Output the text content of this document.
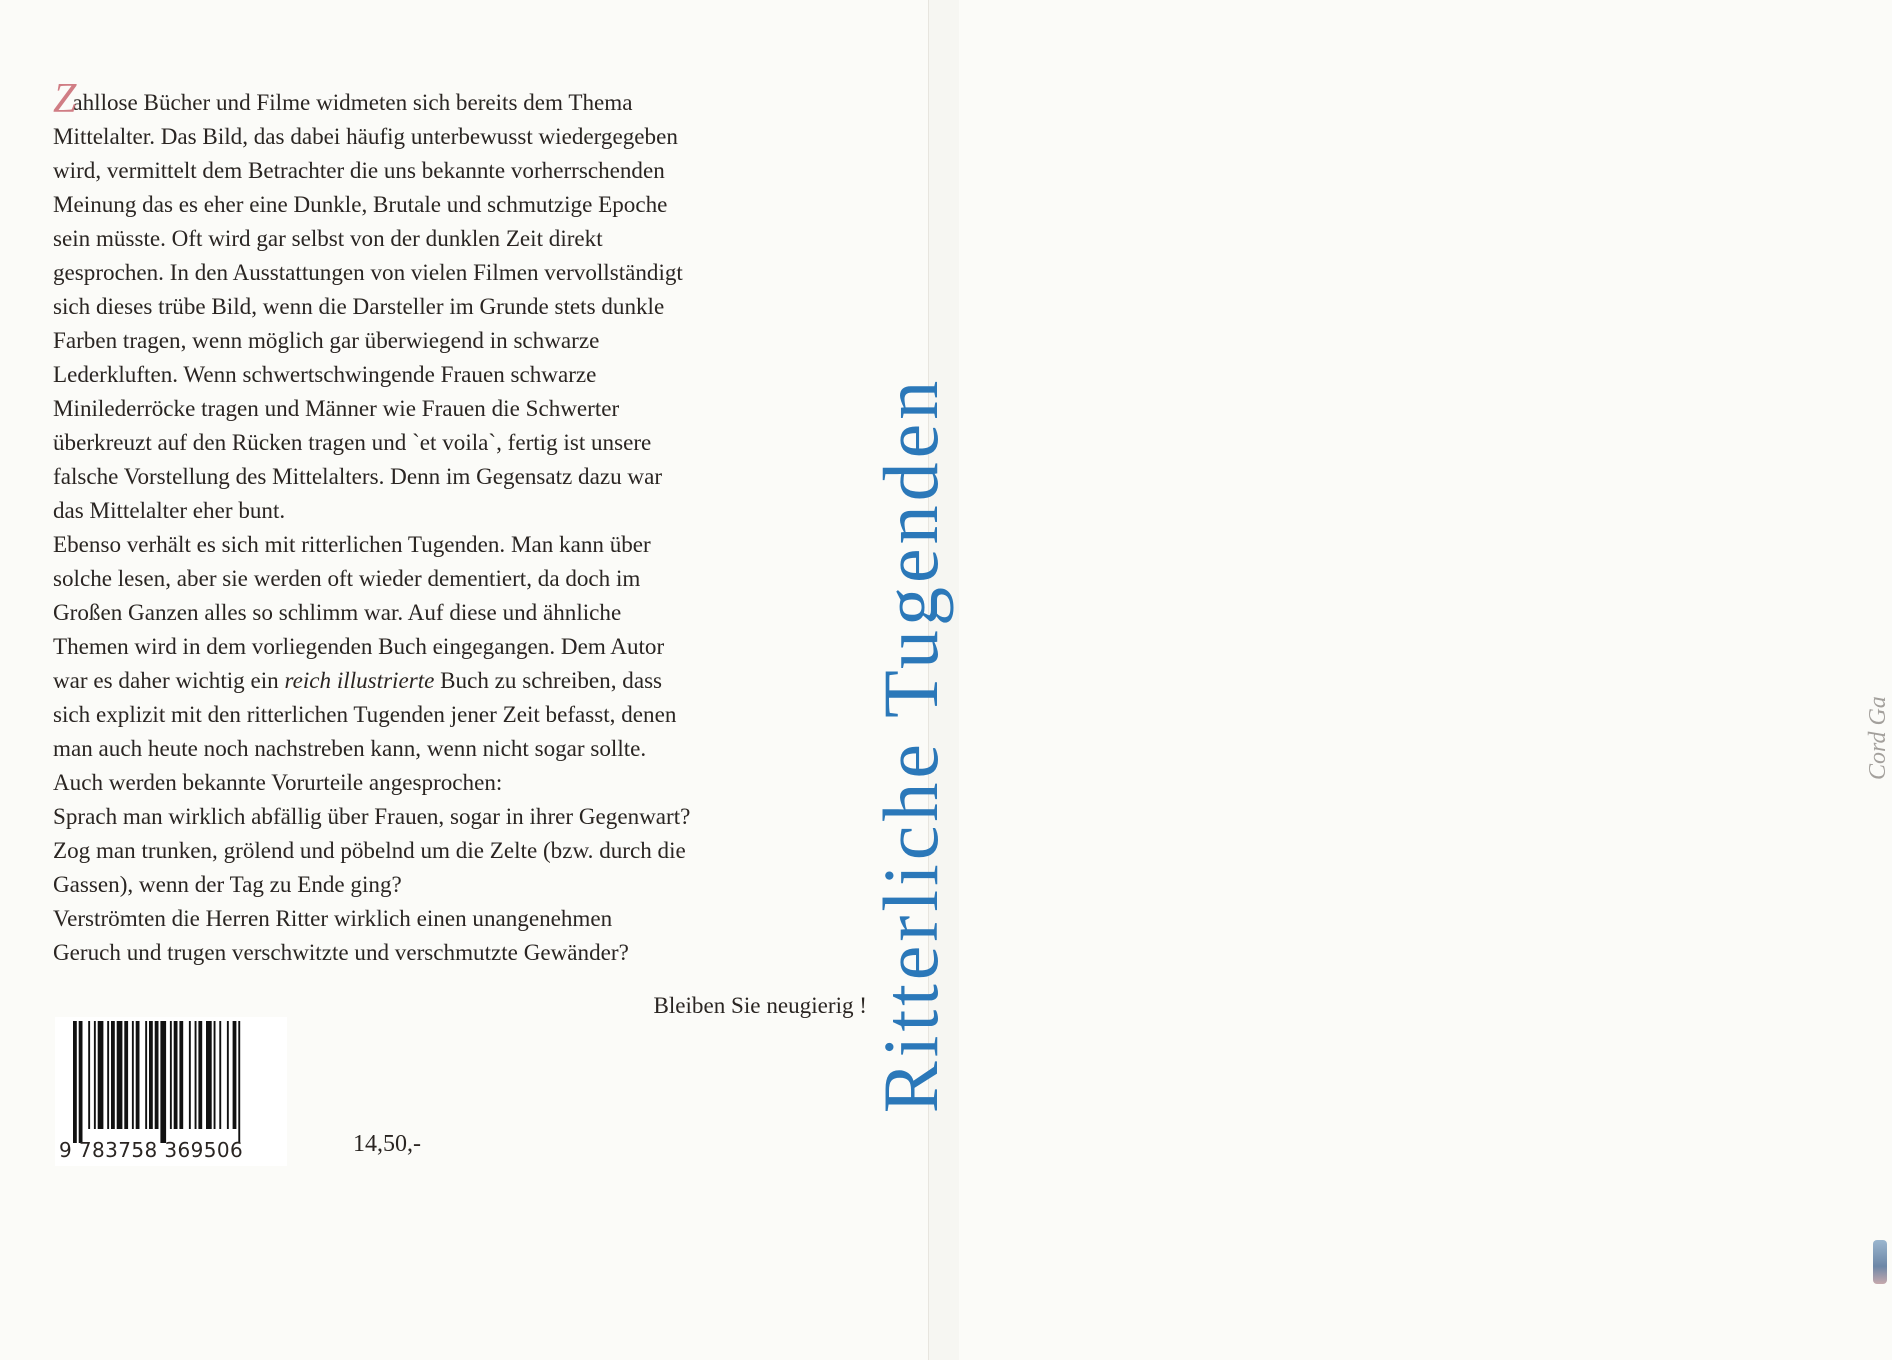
Ritterliche Tugenden	Cord Ga
Zahllose Bücher und Filme widmeten sich bereits dem Thema
Mittelalter. Das Bild, das dabei häufig unterbewusst wiedergegeben
wird, vermittelt dem Betrachter die uns bekannte vorherrschenden
Meinung das es eher eine Dunkle, Brutale und schmutzige Epoche
sein müsste. Oft wird gar selbst von der dunklen Zeit direkt
gesprochen. In den Ausstattungen von vielen Filmen vervollständigt
sich dieses trübe Bild, wenn die Darsteller im Grunde stets dunkle
Farben tragen, wenn möglich gar überwiegend in schwarze
Lederkluften. Wenn schwertschwingende Frauen schwarze
Minilederröcke tragen und Männer wie Frauen die Schwerter
überkreuzt auf den Rücken tragen und `et voila`, fertig ist unsere
falsche Vorstellung des Mittelalters. Denn im Gegensatz dazu war
das Mittelalter eher bunt.
Ebenso verhält es sich mit ritterlichen Tugenden. Man kann über
solche lesen, aber sie werden oft wieder dementiert, da doch im
Großen Ganzen alles so schlimm war. Auf diese und ähnliche
Themen wird in dem vorliegenden Buch eingegangen. Dem Autor
war es daher wichtig ein reich illustrierte Buch zu schreiben, dass
sich explizit mit den ritterlichen Tugenden jener Zeit befasst, denen
man auch heute noch nachstreben kann, wenn nicht sogar sollte.
Auch werden bekannte Vorurteile angesprochen:
Sprach man wirklich abfällig über Frauen, sogar in ihrer Gegenwart?
Zog man trunken, grölend und pöbelnd um die Zelte (bzw. durch die
Gassen), wenn der Tag zu Ende ging?
Verströmten die Herren Ritter wirklich einen unangenehmen
Geruch und trugen verschwitzte und verschmutzte Gewänder?
Bleiben Sie neugierig !
9 783758 369506	14,50,-
